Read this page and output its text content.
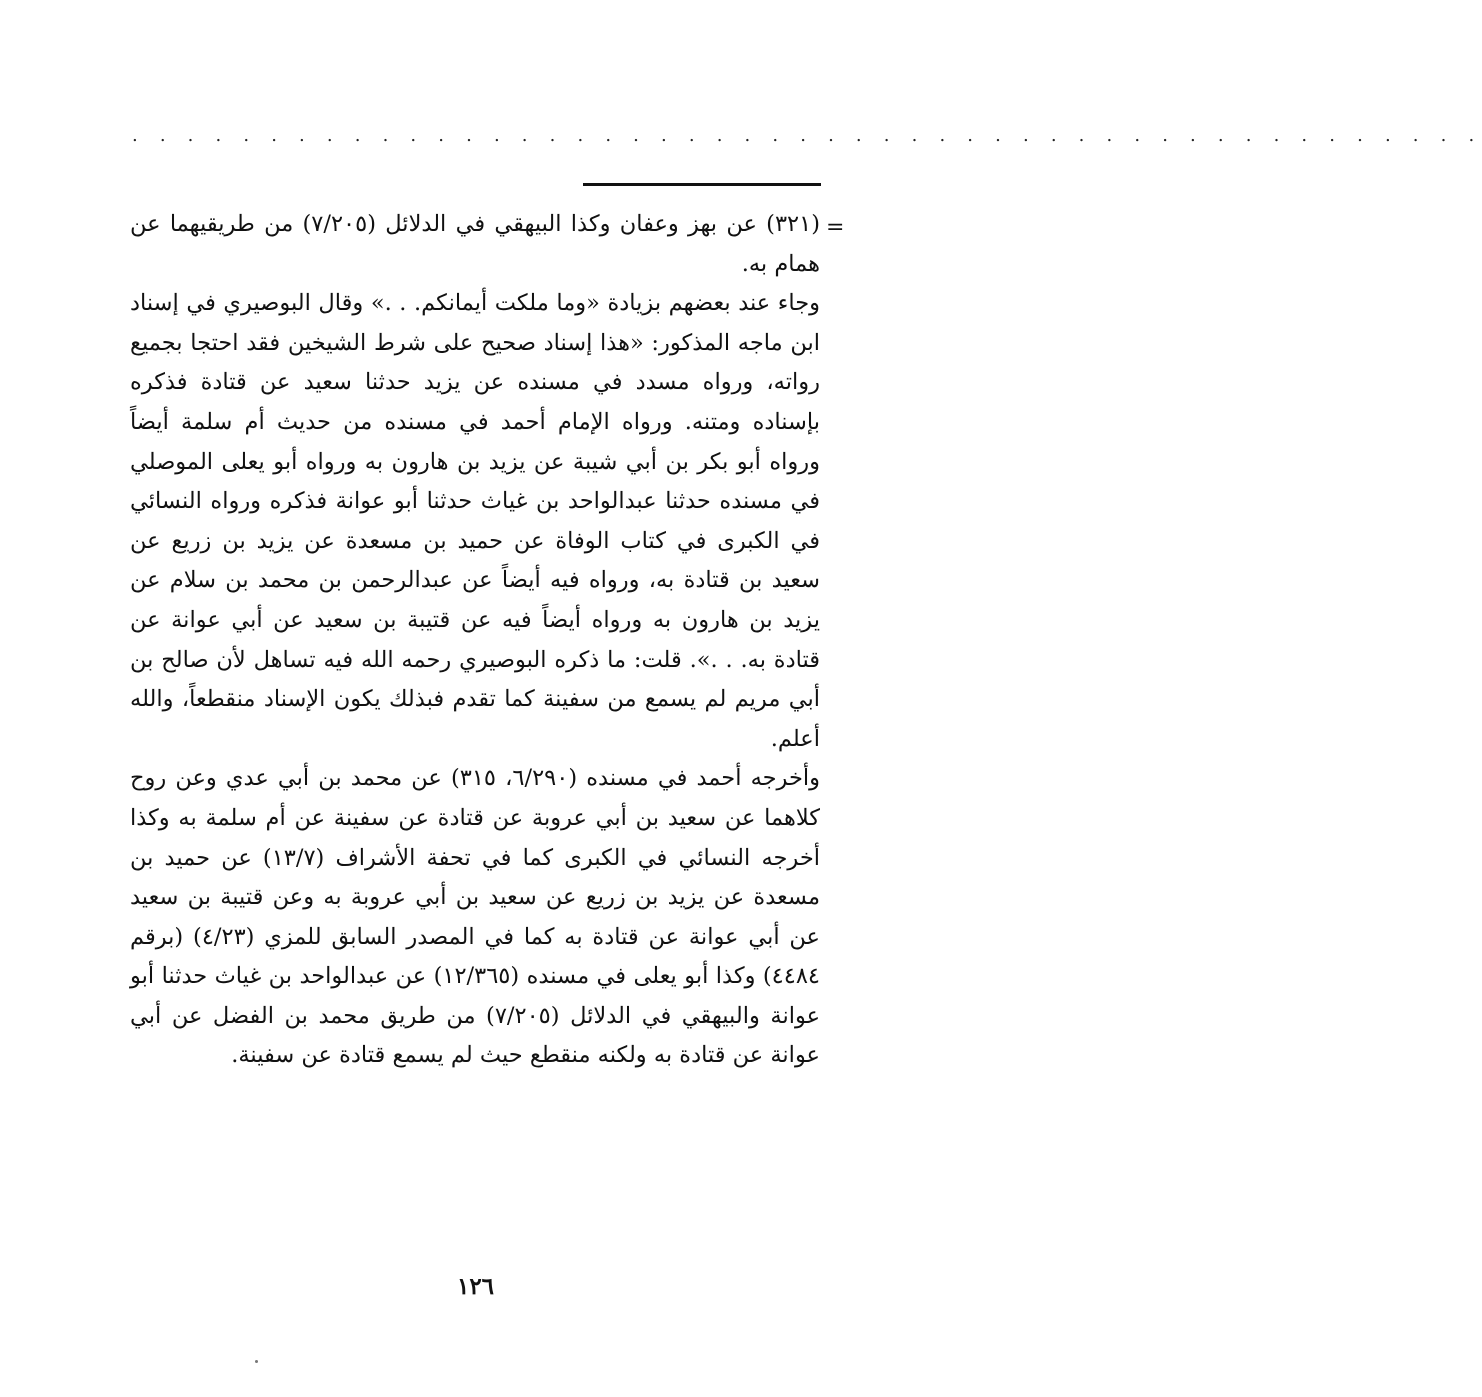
. . . . . . . . . . . . . . . . . . . . . . . . . . . . . . . . . . . . . . . . . . . . . . . . .
=

(٣٢١) عن بهز وعفان وكذا البيهقي في الدلائل (٧/٢٠٥) من طريقيهما عن همام به.

وجاء عند بعضهم بزيادة «وما ملكت أيمانكم. . .» وقال البوصيري في إسناد ابن ماجه المذكور: «هذا إسناد صحيح على شرط الشيخين فقد احتجا بجميع رواته، ورواه مسدد في مسنده عن يزيد حدثنا سعيد عن قتادة فذكره بإسناده ومتنه. ورواه الإمام أحمد في مسنده من حديث أم سلمة أيضاً ورواه أبو بكر بن أبي شيبة عن يزيد بن هارون به ورواه أبو يعلى الموصلي في مسنده حدثنا عبدالواحد بن غياث حدثنا أبو عوانة فذكره ورواه النسائي في الكبرى في كتاب الوفاة عن حميد بن مسعدة عن يزيد بن زريع عن سعيد بن قتادة به، ورواه فيه أيضاً عن عبدالرحمن بن محمد بن سلام عن يزيد بن هارون به ورواه أيضاً فيه عن قتيبة بن سعيد عن أبي عوانة عن قتادة به. . .». قلت: ما ذكره البوصيري رحمه الله فيه تساهل لأن صالح بن أبي مريم لم يسمع من سفينة كما تقدم فبذلك يكون الإسناد منقطعاً، والله أعلم.

وأخرجه أحمد في مسنده (٦/٢٩٠، ٣١٥) عن محمد بن أبي عدي وعن روح كلاهما عن سعيد بن أبي عروبة عن قتادة عن سفينة عن أم سلمة به وكذا أخرجه النسائي في الكبرى كما في تحفة الأشراف (١٣/٧) عن حميد بن مسعدة عن يزيد بن زريع عن سعيد بن أبي عروبة به وعن قتيبة بن سعيد عن أبي عوانة عن قتادة به كما في المصدر السابق للمزي (٤/٢٣) (برقم ٤٤٨٤) وكذا أبو يعلى في مسنده (١٢/٣٦٥) عن عبدالواحد بن غياث حدثنا أبو عوانة والبيهقي في الدلائل (٧/٢٠٥) من طريق محمد بن الفضل عن أبي عوانة عن قتادة به ولكنه منقطع حيث لم يسمع قتادة عن سفينة.

١٢٦
